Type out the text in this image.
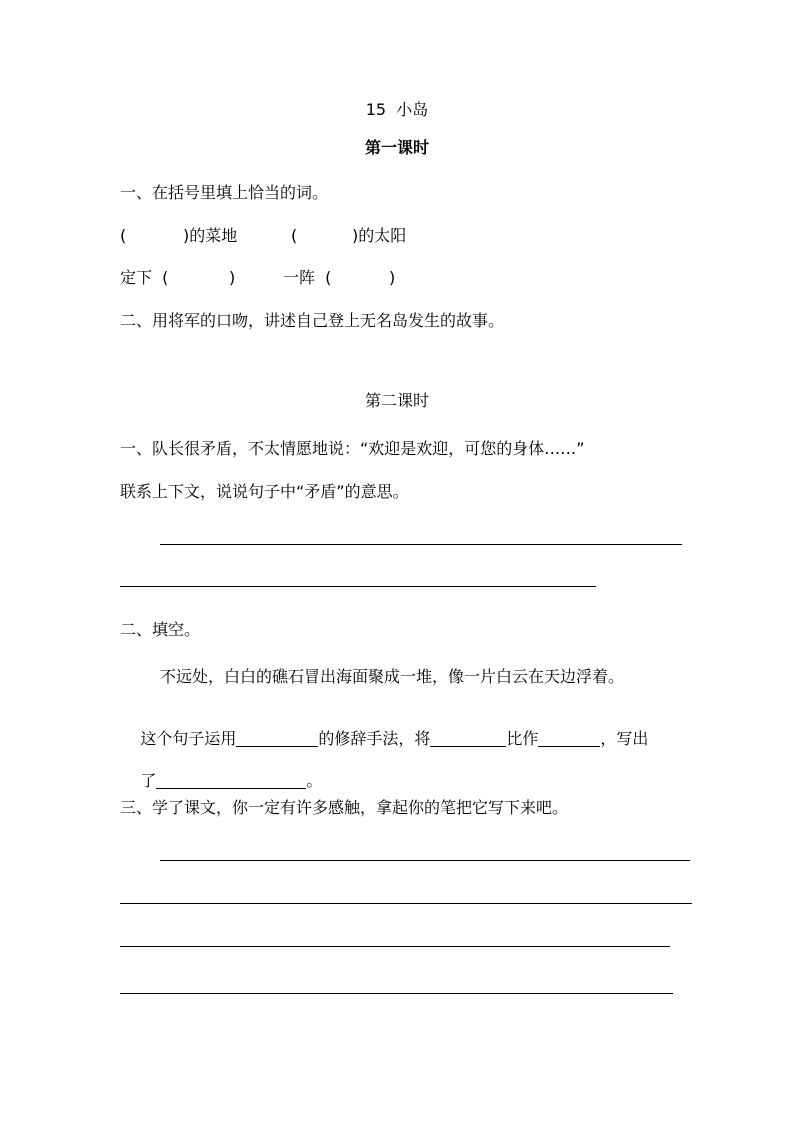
15  小岛
第一课时
一、在括号里填上恰当的词。
(	)的菜地	(	)的太阳
定下  (	)	一阵  (	)
二、用将军的口吻，讲述自己登上无名岛发生的故事。
第二课时
一、队长很矛盾，不太情愿地说：“欢迎是欢迎，可您的身体……”
联系上下文，说说句子中“矛盾”的意思。
二、填空。
不远处，白白的礁石冒出海面聚成一堆，像一片白云在天边浮着。

这个句子运用	的修辞手法，将	比作	，写出

了	。

三、学了课文，你一定有许多感触，拿起你的笔把它写下来吧。
